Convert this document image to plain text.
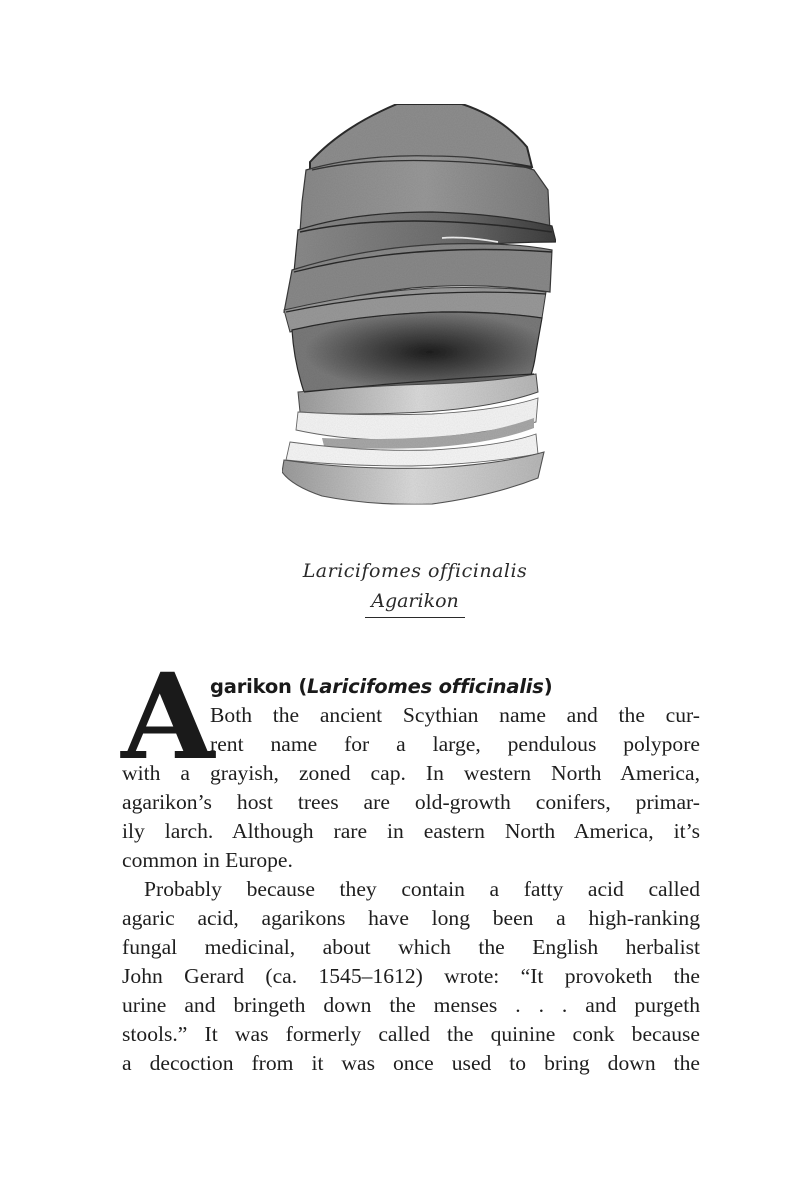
Laricifomes officinalis
Agarikon
A
garikon (Laricifomes officinalis)
Both the ancient Scythian name and the cur-
rent name for a large, pendulous polypore
with a grayish, zoned cap. In western North America,
agarikon’s host trees are old-growth conifers, primar-
ily larch. Although rare in eastern North America, it’s
common in Europe.
Probably because they contain a fatty acid called
agaric acid, agarikons have long been a high-ranking
fungal medicinal, about which the English herbalist
John Gerard (ca. 1545–1612) wrote: “It provoketh the
urine and bringeth down the menses . . . and purgeth
stools.” It was formerly called the quinine conk because
a decoction from it was once used to bring down the
